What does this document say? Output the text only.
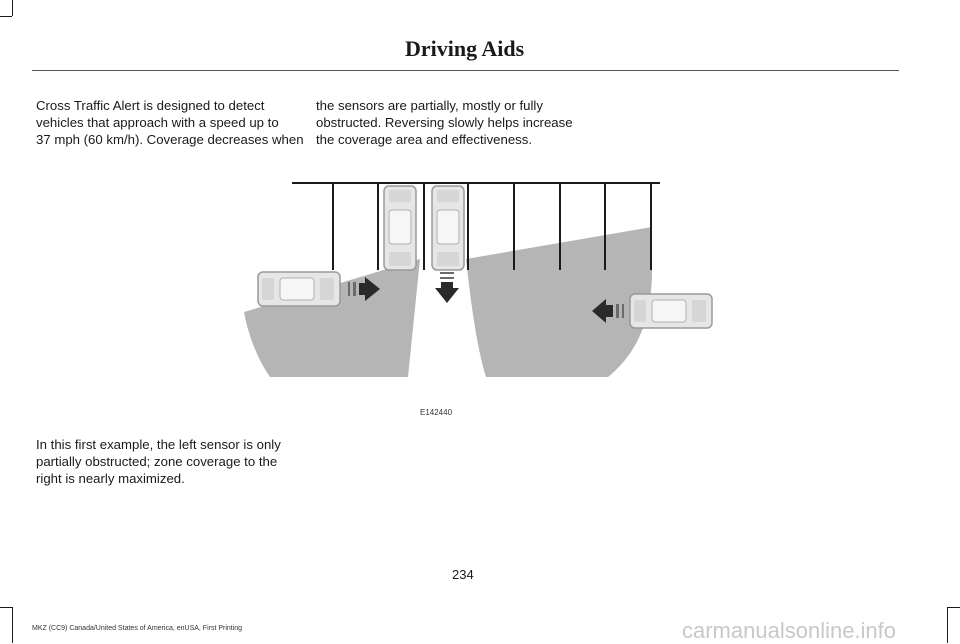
Driving Aids
Cross Traffic Alert is designed to detect
vehicles that approach with a speed up to
37 mph (60 km/h). Coverage decreases when
the sensors are partially, mostly or fully
obstructed. Reversing slowly helps increase
the coverage area and effectiveness.
E142440
In this first example, the left sensor is only
partially obstructed; zone coverage to the
right is nearly maximized.
234
MKZ (CC9) Canada/United States of America, enUSA, First Printing	carmanualsonline.info
